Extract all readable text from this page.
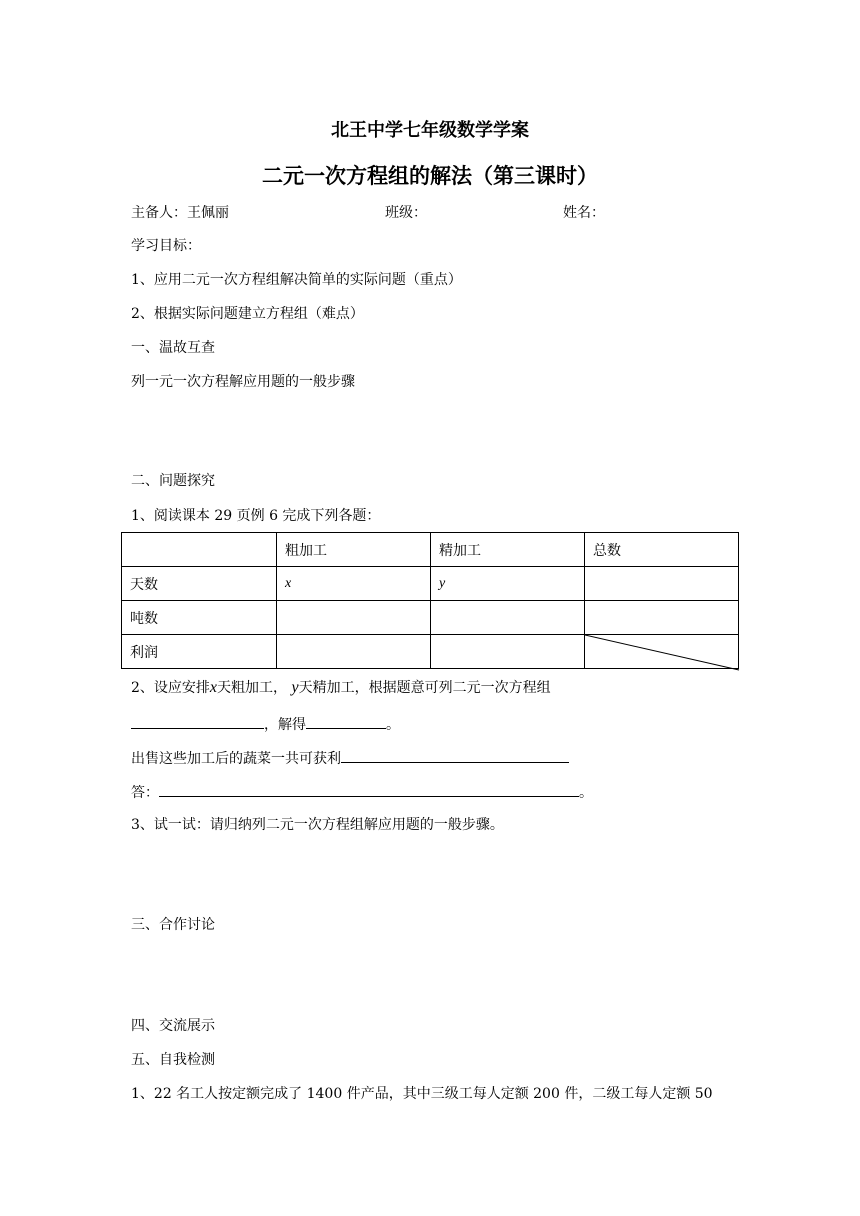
北王中学七年级数学学案
二元一次方程组的解法（第三课时）
主备人：王佩丽	班级：	姓名：
学习目标：
1、应用二元一次方程组解决简单的实际问题（重点）
2、根据实际问题建立方程组（难点）
一、温故互查
列一元一次方程解应用题的一般步骤
二、问题探究
1、阅读课本 29 页例 6 完成下列各题：
	粗加工	精加工	总数
天数	x	y	
吨数			
利润			
2、设应安排x天粗加工， y天精加工，根据题意可列二元一次方程组
，解得	。
出售这些加工后的蔬菜一共可获利
答：	。
3、试一试：请归纳列二元一次方程组解应用题的一般步骤。
三、合作讨论
四、交流展示
五、自我检测
1、22 名工人按定额完成了 1400 件产品，其中三级工每人定额 200 件，二级工每人定额 50
